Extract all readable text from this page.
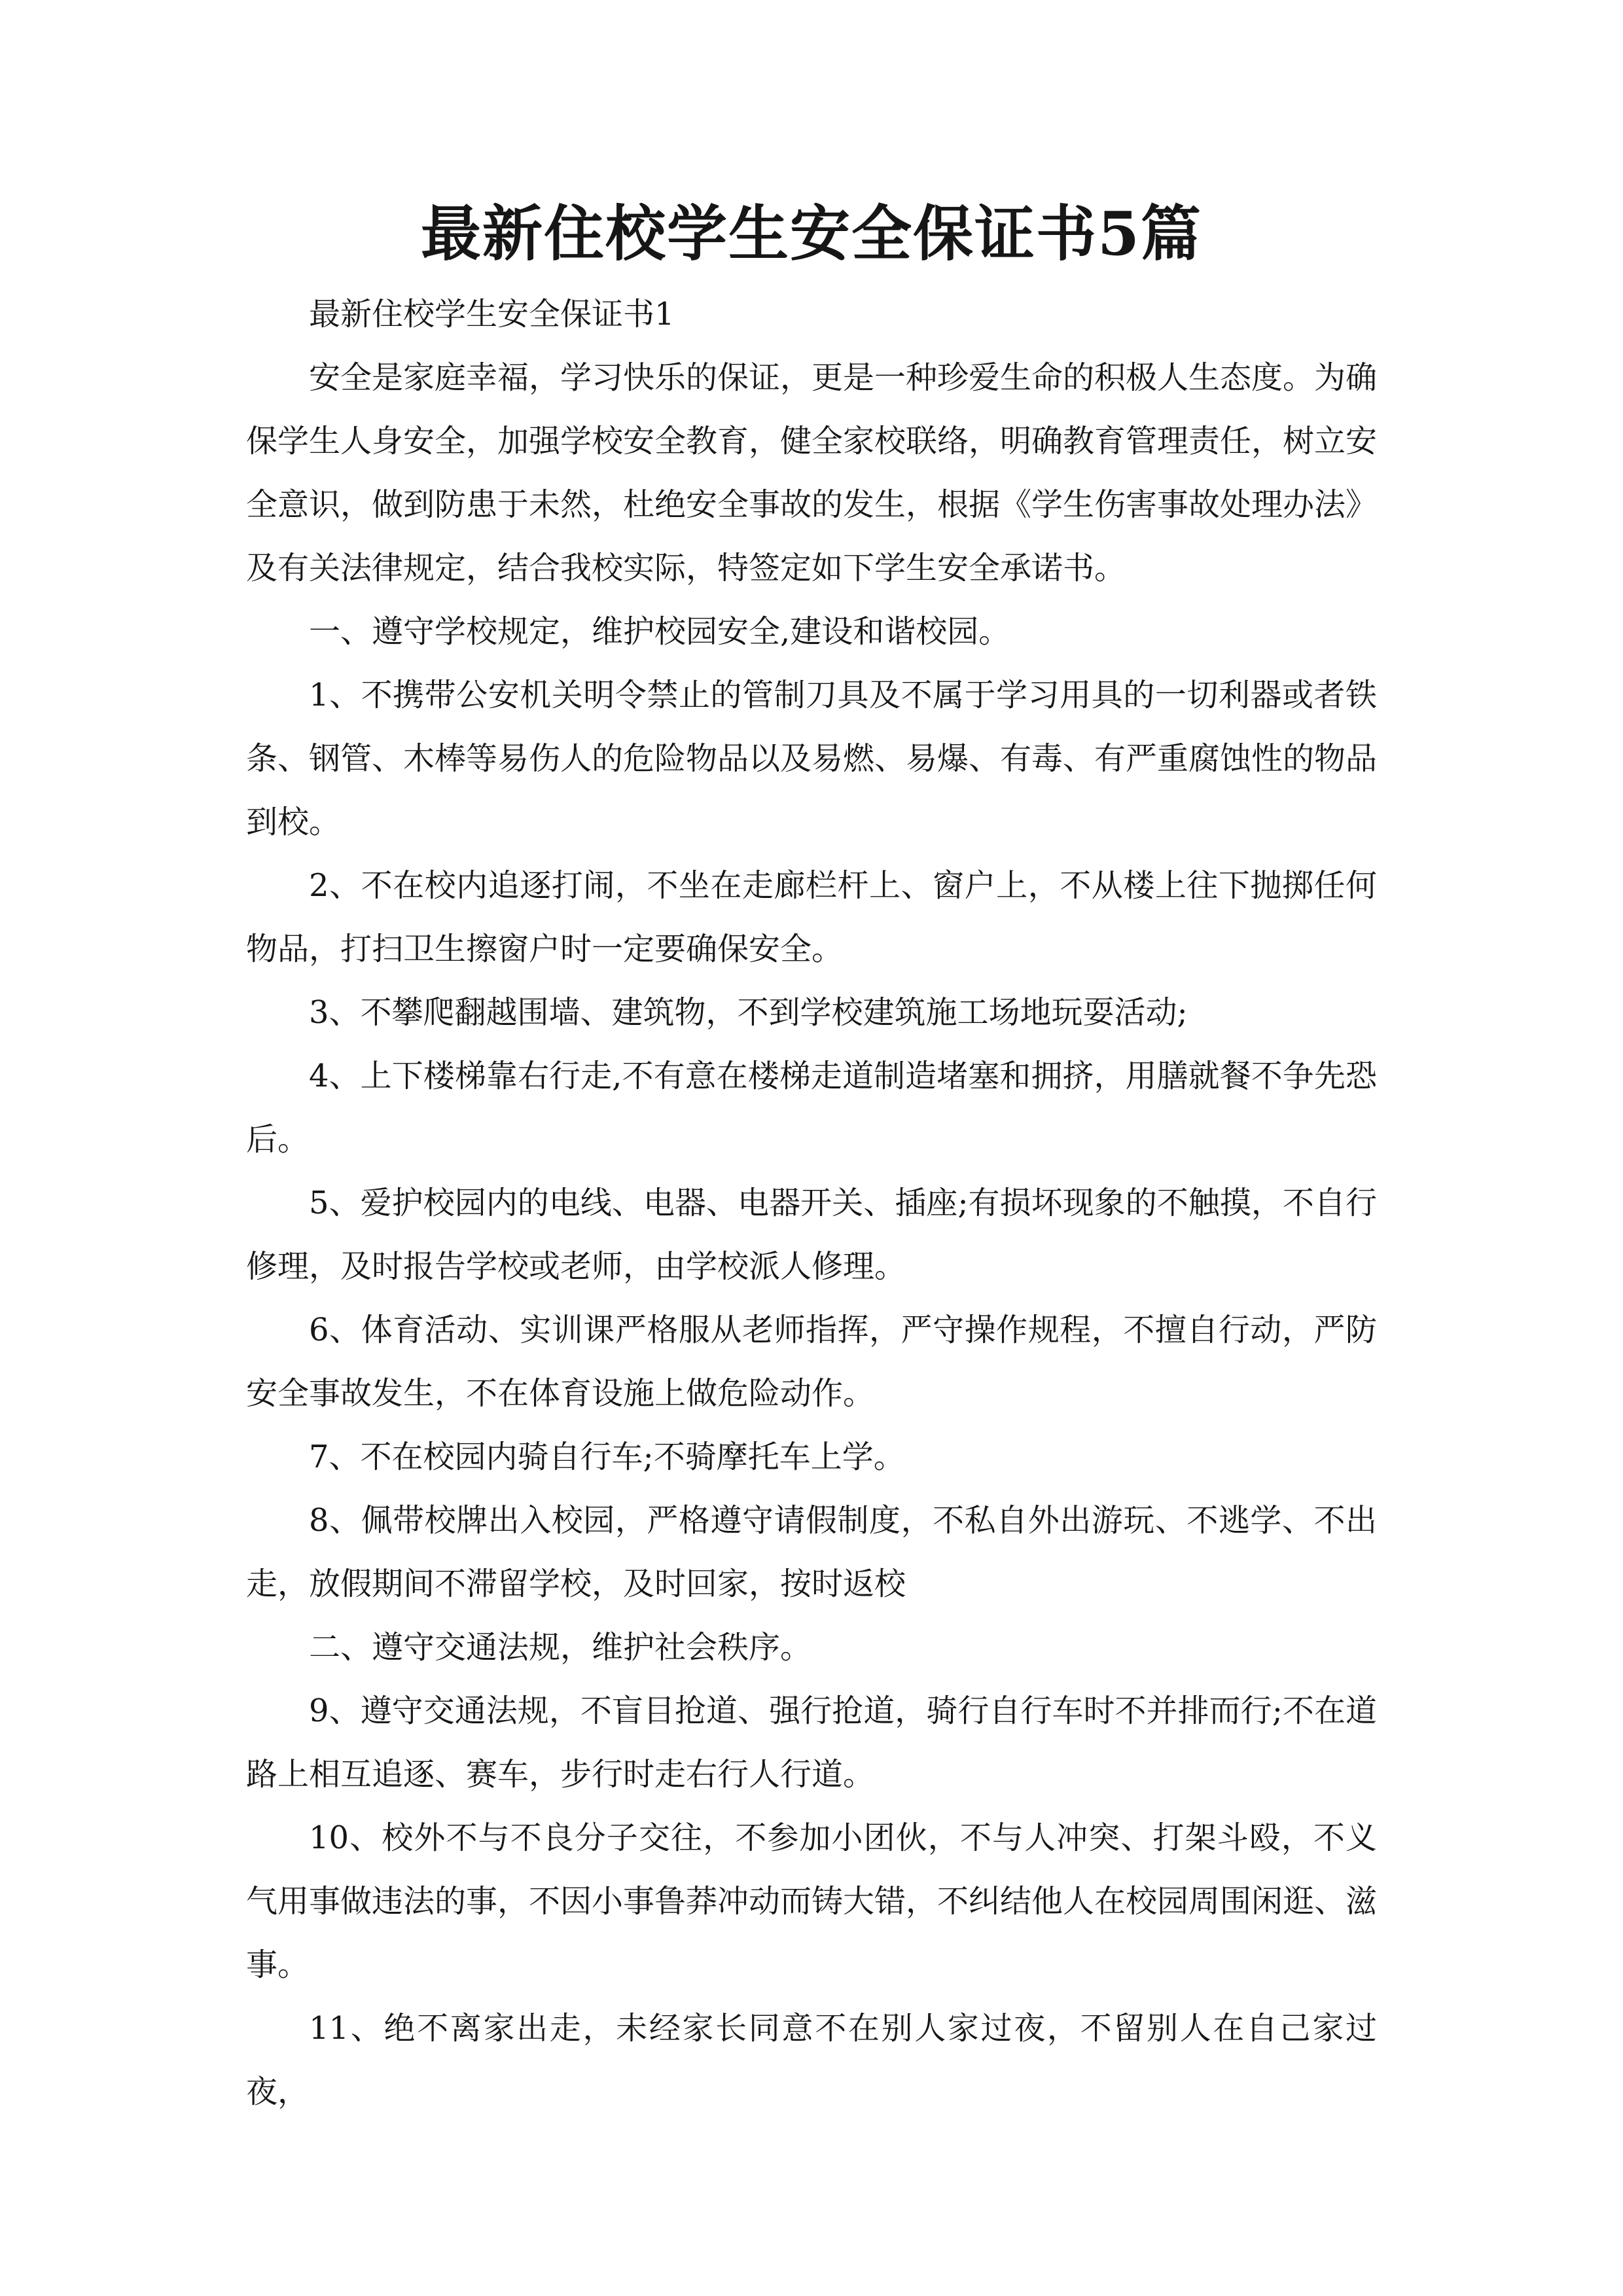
最新住校学生安全保证书5篇

最新住校学生安全保证书1

安全是家庭幸福，学习快乐的保证，更是一种珍爱生命的积极人生态度。为确保学生人身安全，加强学校安全教育，健全家校联络，明确教育管理责任，树立安全意识，做到防患于未然，杜绝安全事故的发生，根据《学生伤害事故处理办法》及有关法律规定，结合我校实际，特签定如下学生安全承诺书。

一、遵守学校规定，维护校园安全,建设和谐校园。

1、不携带公安机关明令禁止的管制刀具及不属于学习用具的一切利器或者铁条、钢管、木棒等易伤人的危险物品以及易燃、易爆、有毒、有严重腐蚀性的物品到校。

2、不在校内追逐打闹，不坐在走廊栏杆上、窗户上，不从楼上往下抛掷任何物品，打扫卫生擦窗户时一定要确保安全。

3、不攀爬翻越围墙、建筑物，不到学校建筑施工场地玩耍活动;

4、上下楼梯靠右行走,不有意在楼梯走道制造堵塞和拥挤，用膳就餐不争先恐后。

5、爱护校园内的电线、电器、电器开关、插座;有损坏现象的不触摸，不自行修理，及时报告学校或老师，由学校派人修理。

6、体育活动、实训课严格服从老师指挥，严守操作规程，不擅自行动，严防安全事故发生，不在体育设施上做危险动作。

7、不在校园内骑自行车;不骑摩托车上学。

8、佩带校牌出入校园，严格遵守请假制度，不私自外出游玩、不逃学、不出走，放假期间不滞留学校，及时回家，按时返校

二、遵守交通法规，维护社会秩序。

9、遵守交通法规，不盲目抢道、强行抢道，骑行自行车时不并排而行;不在道路上相互追逐、赛车，步行时走右行人行道。

10、校外不与不良分子交往，不参加小团伙，不与人冲突、打架斗殴，不义气用事做违法的事，不因小事鲁莽冲动而铸大错，不纠结他人在校园周围闲逛、滋事。

11、绝不离家出走，未经家长同意不在别人家过夜，不留别人在自己家过夜，
